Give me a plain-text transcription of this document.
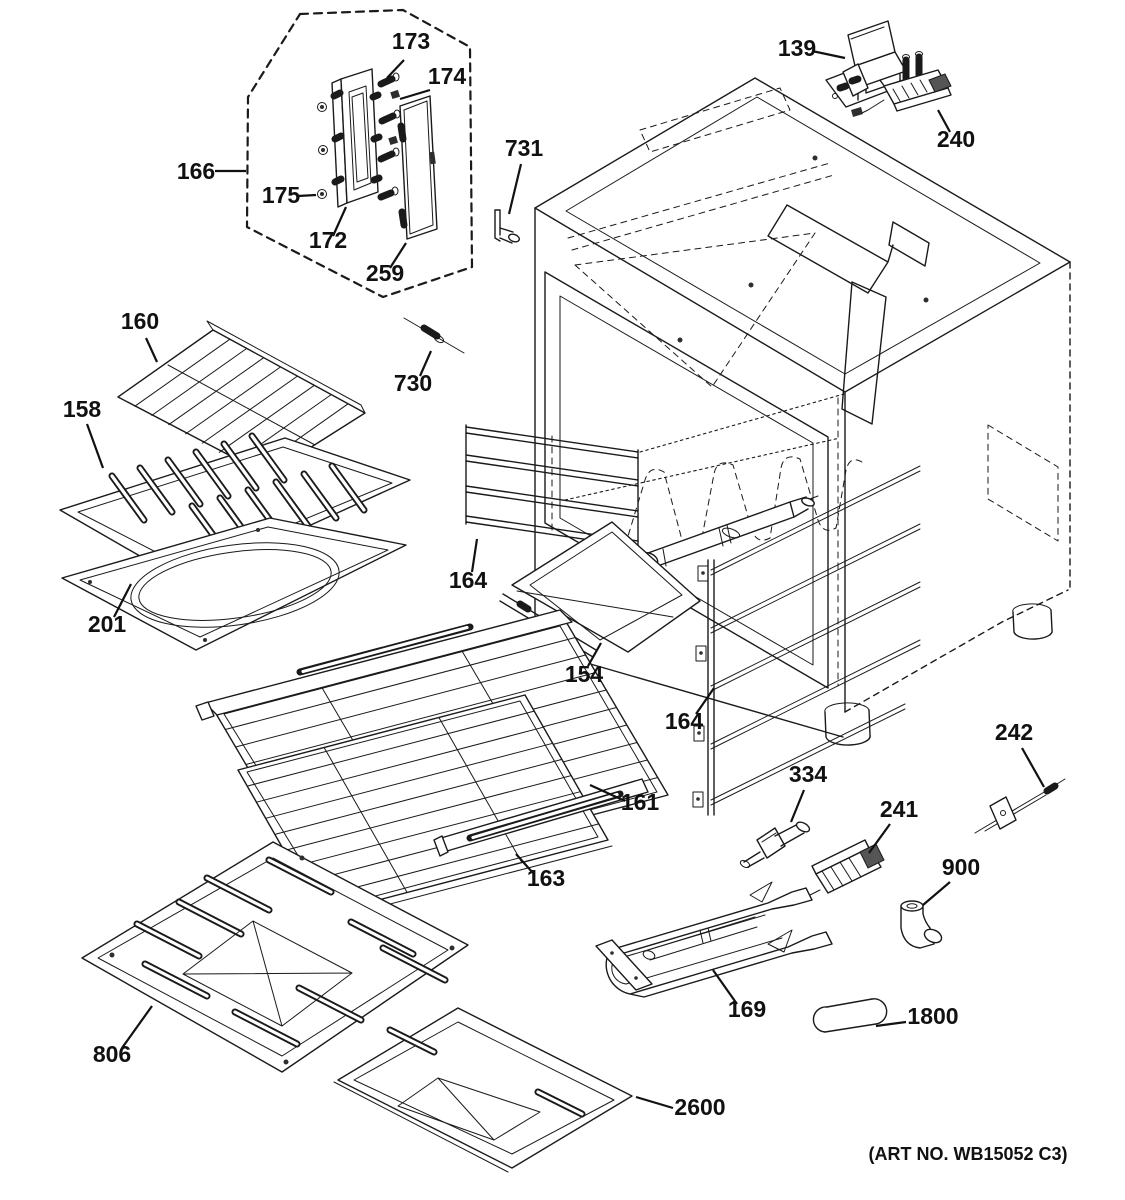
173
174
166
175
172
259
731
139
240
160
158
730
201
164
154
164
161
163
334
241
242
900
169	1800
806
2600
(ART NO. WB15052 C3)
